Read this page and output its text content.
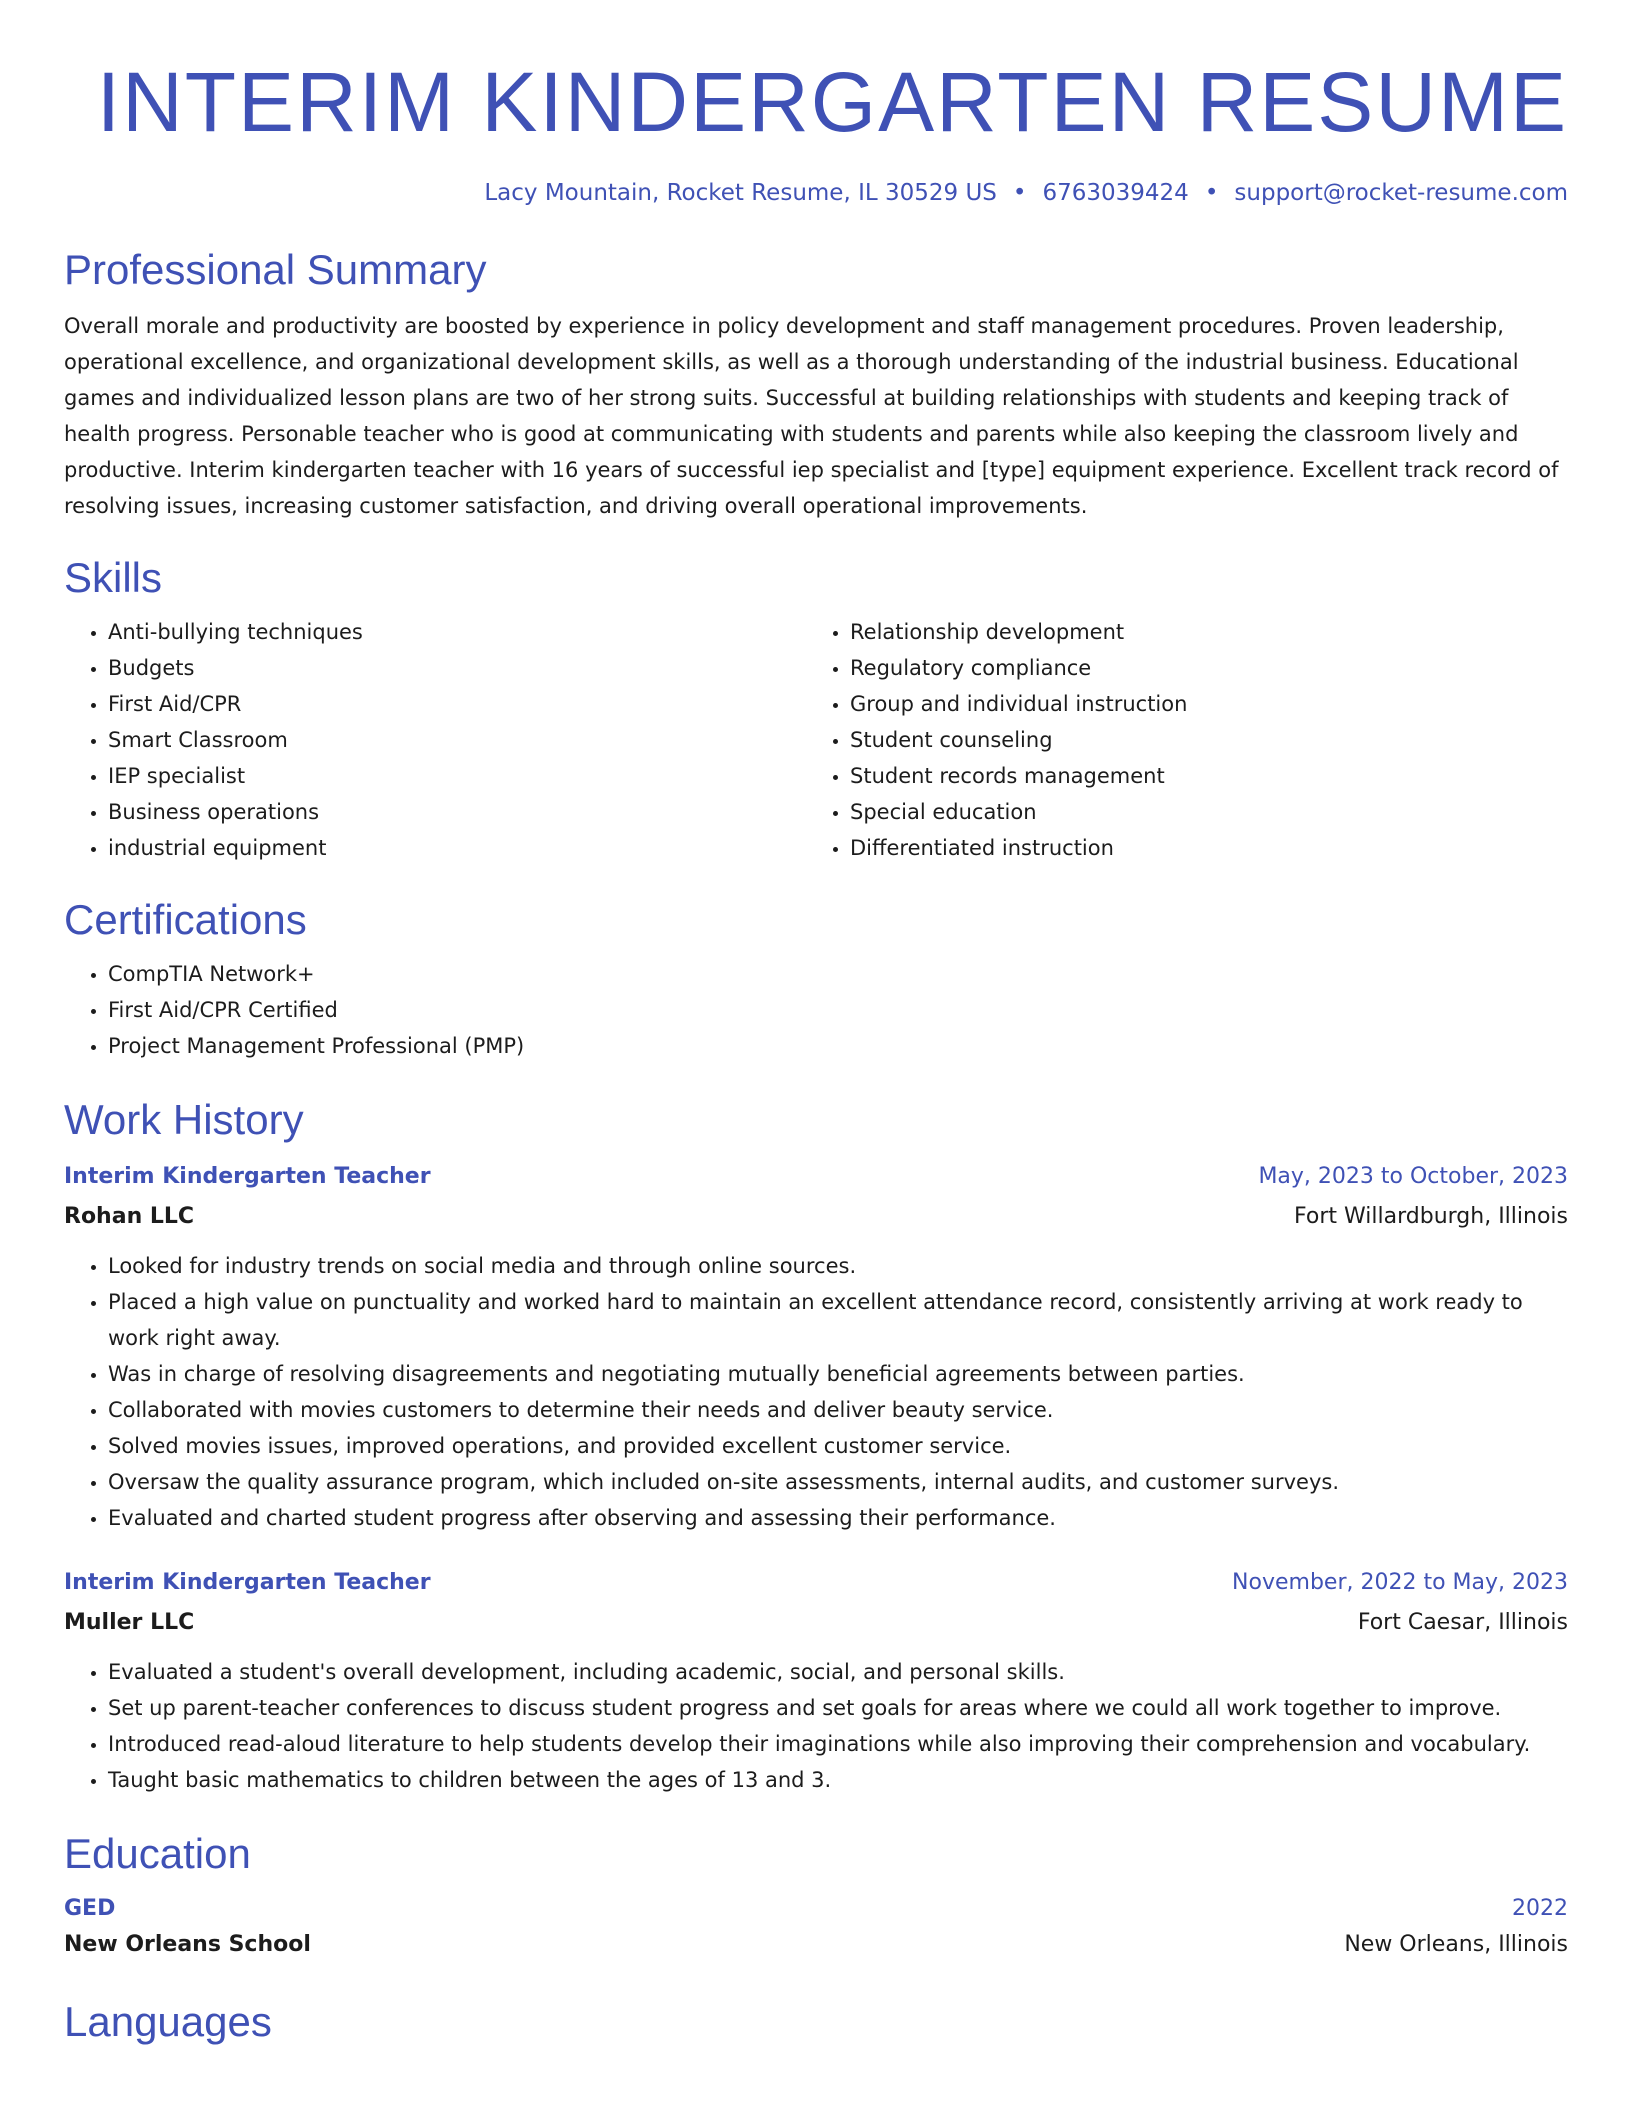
INTERIM KINDERGARTEN RESUME
Lacy Mountain, Rocket Resume, IL 30529 US • 6763039424 • support@rocket-resume.com
Professional Summary
Overall morale and productivity are boosted by experience in policy development and staff management procedures. Proven leadership, operational excellence, and organizational development skills, as well as a thorough understanding of the industrial business. Educational games and individualized lesson plans are two of her strong suits. Successful at building relationships with students and keeping track of health progress. Personable teacher who is good at communicating with students and parents while also keeping the classroom lively and productive. Interim kindergarten teacher with 16 years of successful iep specialist and [type] equipment experience. Excellent track record of resolving issues, increasing customer satisfaction, and driving overall operational improvements.
Skills
• Anti-bullying techniques
• Budgets
• First Aid/CPR
• Smart Classroom
• IEP specialist
• Business operations
• industrial equipment
• Relationship development
• Regulatory compliance
• Group and individual instruction
• Student counseling
• Student records management
• Special education
• Differentiated instruction
Certifications
• CompTIA Network+
• First Aid/CPR Certified
• Project Management Professional (PMP)
Work History
Interim Kindergarten Teacher	May, 2023 to October, 2023
Rohan LLC	Fort Willardburgh, Illinois
• Looked for industry trends on social media and through online sources.
• Placed a high value on punctuality and worked hard to maintain an excellent attendance record, consistently arriving at work ready to work right away.
• Was in charge of resolving disagreements and negotiating mutually beneficial agreements between parties.
• Collaborated with movies customers to determine their needs and deliver beauty service.
• Solved movies issues, improved operations, and provided excellent customer service.
• Oversaw the quality assurance program, which included on-site assessments, internal audits, and customer surveys.
• Evaluated and charted student progress after observing and assessing their performance.
Interim Kindergarten Teacher	November, 2022 to May, 2023
Muller LLC	Fort Caesar, Illinois
• Evaluated a student's overall development, including academic, social, and personal skills.
• Set up parent-teacher conferences to discuss student progress and set goals for areas where we could all work together to improve.
• Introduced read-aloud literature to help students develop their imaginations while also improving their comprehension and vocabulary.
• Taught basic mathematics to children between the ages of 13 and 3.
Education
GED	2022
New Orleans School	New Orleans, Illinois
Languages
